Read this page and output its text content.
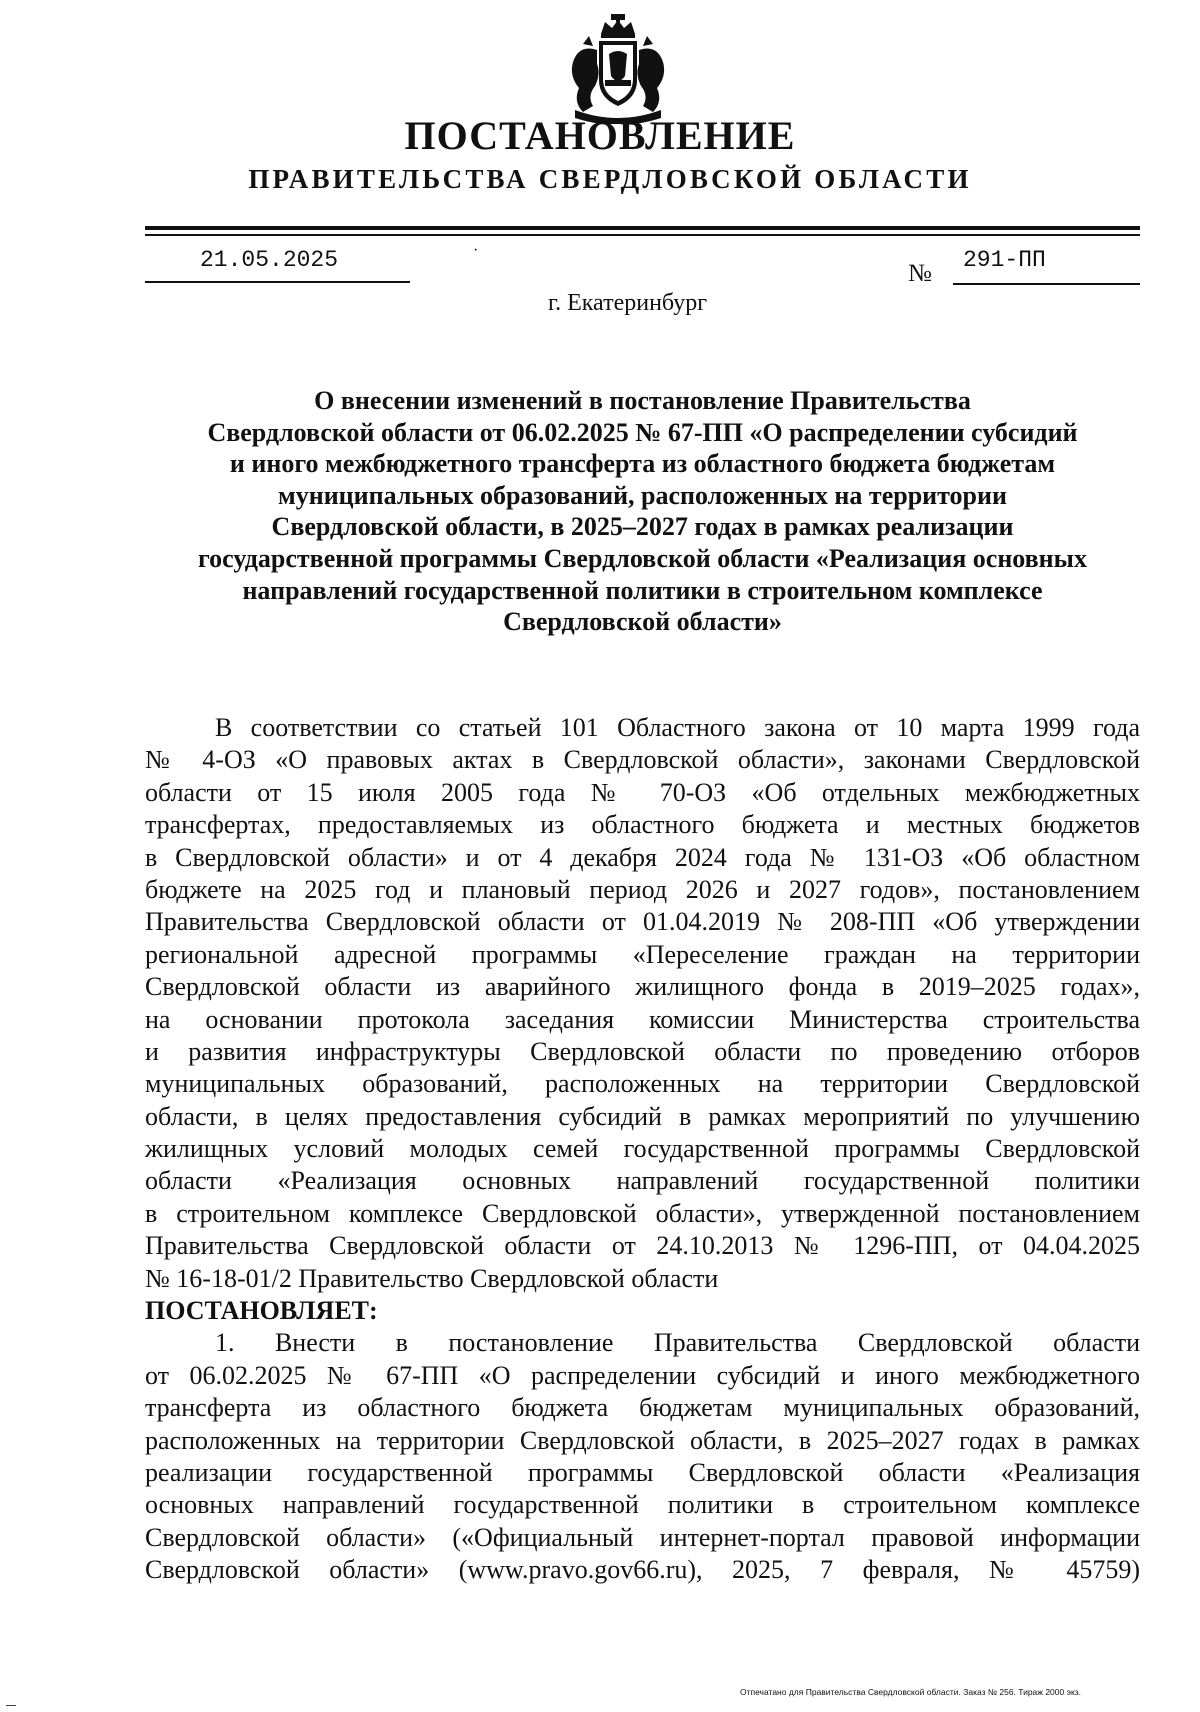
ПОСТАНОВЛЕНИЕ
ПРАВИТЕЛЬСТВА СВЕРДЛОВСКОЙ ОБЛАСТИ
21.05.2025	·
№ 291-ПП
г. Екатеринбург
О внесении изменений в постановление Правительства
Свердловской области от 06.02.2025 № 67-ПП «О распределении субсидий
и иного межбюджетного трансферта из областного бюджета бюджетам
муниципальных образований, расположенных на территории
Свердловской области, в 2025–2027 годах в рамках реализации
государственной программы Свердловской области «Реализация основных
направлений государственной политики в строительном комплексе
Свердловской области»
В соответствии со статьей 101 Областного закона от 10 марта 1999 года
№ 4-ОЗ «О правовых актах в Свердловской области», законами Свердловской
области от 15 июля 2005 года № 70-ОЗ «Об отдельных межбюджетных
трансфертах, предоставляемых из областного бюджета и местных бюджетов
в Свердловской области» и от 4 декабря 2024 года № 131-ОЗ «Об областном
бюджете на 2025 год и плановый период 2026 и 2027 годов», постановлением
Правительства Свердловской области от 01.04.2019 № 208-ПП «Об утверждении
региональной адресной программы «Переселение граждан на территории
Свердловской области из аварийного жилищного фонда в 2019–2025 годах»,
на основании протокола заседания комиссии Министерства строительства
и развития инфраструктуры Свердловской области по проведению отборов
муниципальных образований, расположенных на территории Свердловской
области, в целях предоставления субсидий в рамках мероприятий по улучшению
жилищных условий молодых семей государственной программы Свердловской
области «Реализация основных направлений государственной политики
в строительном комплексе Свердловской области», утвержденной постановлением
Правительства Свердловской области от 24.10.2013 № 1296-ПП, от 04.04.2025
№ 16-18-01/2 Правительство Свердловской области
ПОСТАНОВЛЯЕТ:
1. Внести в постановление Правительства Свердловской области
от 06.02.2025 № 67-ПП «О распределении субсидий и иного межбюджетного
трансферта из областного бюджета бюджетам муниципальных образований,
расположенных на территории Свердловской области, в 2025–2027 годах в рамках
реализации государственной программы Свердловской области «Реализация
основных направлений государственной политики в строительном комплексе
Свердловской области» («Официальный интернет-портал правовой информации
Свердловской области» (www.pravo.gov66.ru), 2025, 7 февраля, № 45759)
Отпечатано для Правительства Свердловской области. Заказ № 256. Тираж 2000 экз.
